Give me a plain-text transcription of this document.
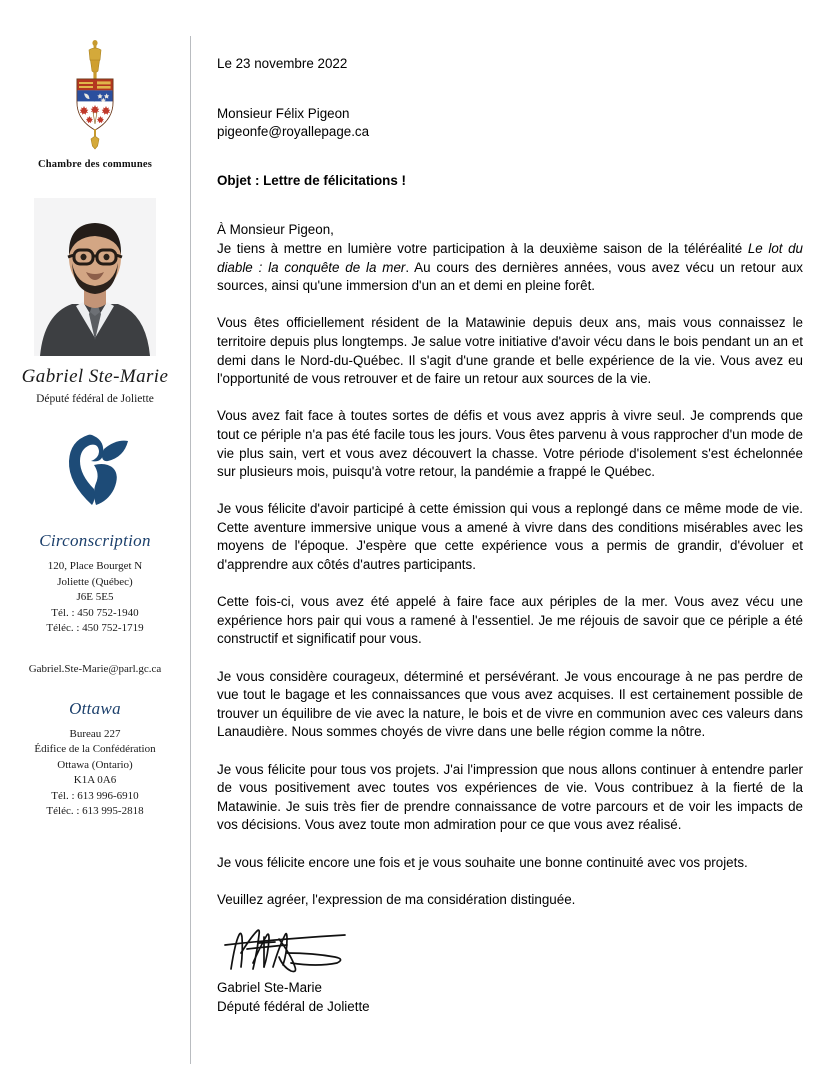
Chambre des communes
Gabriel Ste-Marie
Député fédéral de Joliette
Circonscription
120, Place Bourget N
Joliette (Québec)
J6E 5E5
Tél. : 450 752-1940
Téléc. : 450 752-1719
Gabriel.Ste-Marie@parl.gc.ca
Ottawa
Bureau 227
Édifice de la Confédération
Ottawa (Ontario)
K1A 0A6
Tél. : 613 996-6910
Téléc. : 613 995-2818
Le 23 novembre 2022
Monsieur Félix Pigeon
pigeonfe@royallepage.ca
Objet : Lettre de félicitations !
À Monsieur Pigeon,

Je tiens à mettre en lumière votre participation à la deuxième saison de la téléréalité Le lot du diable : la conquête de la mer. Au cours des dernières années, vous avez vécu un retour aux sources, ainsi qu'une immersion d'un an et demi en pleine forêt.

Vous êtes officiellement résident de la Matawinie depuis deux ans, mais vous connaissez le territoire depuis plus longtemps. Je salue votre initiative d'avoir vécu dans le bois pendant un an et demi dans le Nord-du-Québec. Il s'agit d'une grande et belle expérience de la vie. Vous avez eu l'opportunité de vous retrouver et de faire un retour aux sources de la vie.

Vous avez fait face à toutes sortes de défis et vous avez appris à vivre seul. Je comprends que tout ce périple n'a pas été facile tous les jours. Vous êtes parvenu à vous rapprocher d'un mode de vie plus sain, vert et vous avez découvert la chasse. Votre période d'isolement s'est échelonnée sur plusieurs mois, puisqu'à votre retour, la pandémie a frappé le Québec.

Je vous félicite d'avoir participé à cette émission qui vous a replongé dans ce même mode de vie. Cette aventure immersive unique vous a amené à vivre dans des conditions misérables avec les moyens de l'époque. J'espère que cette expérience vous a permis de grandir, d'évoluer et d'apprendre aux côtés d'autres participants.

Cette fois-ci, vous avez été appelé à faire face aux périples de la mer. Vous avez vécu une expérience hors pair qui vous a ramené à l'essentiel. Je me réjouis de savoir que ce périple a été constructif et significatif pour vous.

Je vous considère courageux, déterminé et persévérant. Je vous encourage à ne pas perdre de vue tout le bagage et les connaissances que vous avez acquises. Il est certainement possible de trouver un équilibre de vie avec la nature, le bois et de vivre en communion avec ces valeurs dans Lanaudière. Nous sommes choyés de vivre dans une belle région comme la nôtre.

Je vous félicite pour tous vos projets. J'ai l'impression que nous allons continuer à entendre parler de vous positivement avec toutes vos expériences de vie. Vous contribuez à la fierté de la Matawinie. Je suis très fier de prendre connaissance de votre parcours et de voir les impacts de vos décisions. Vous avez toute mon admiration pour ce que vous avez réalisé.

Je vous félicite encore une fois et je vous souhaite une bonne continuité avec vos projets.

Veuillez agréer, l'expression de ma considération distinguée.

Gabriel Ste-Marie
Député fédéral de Joliette
